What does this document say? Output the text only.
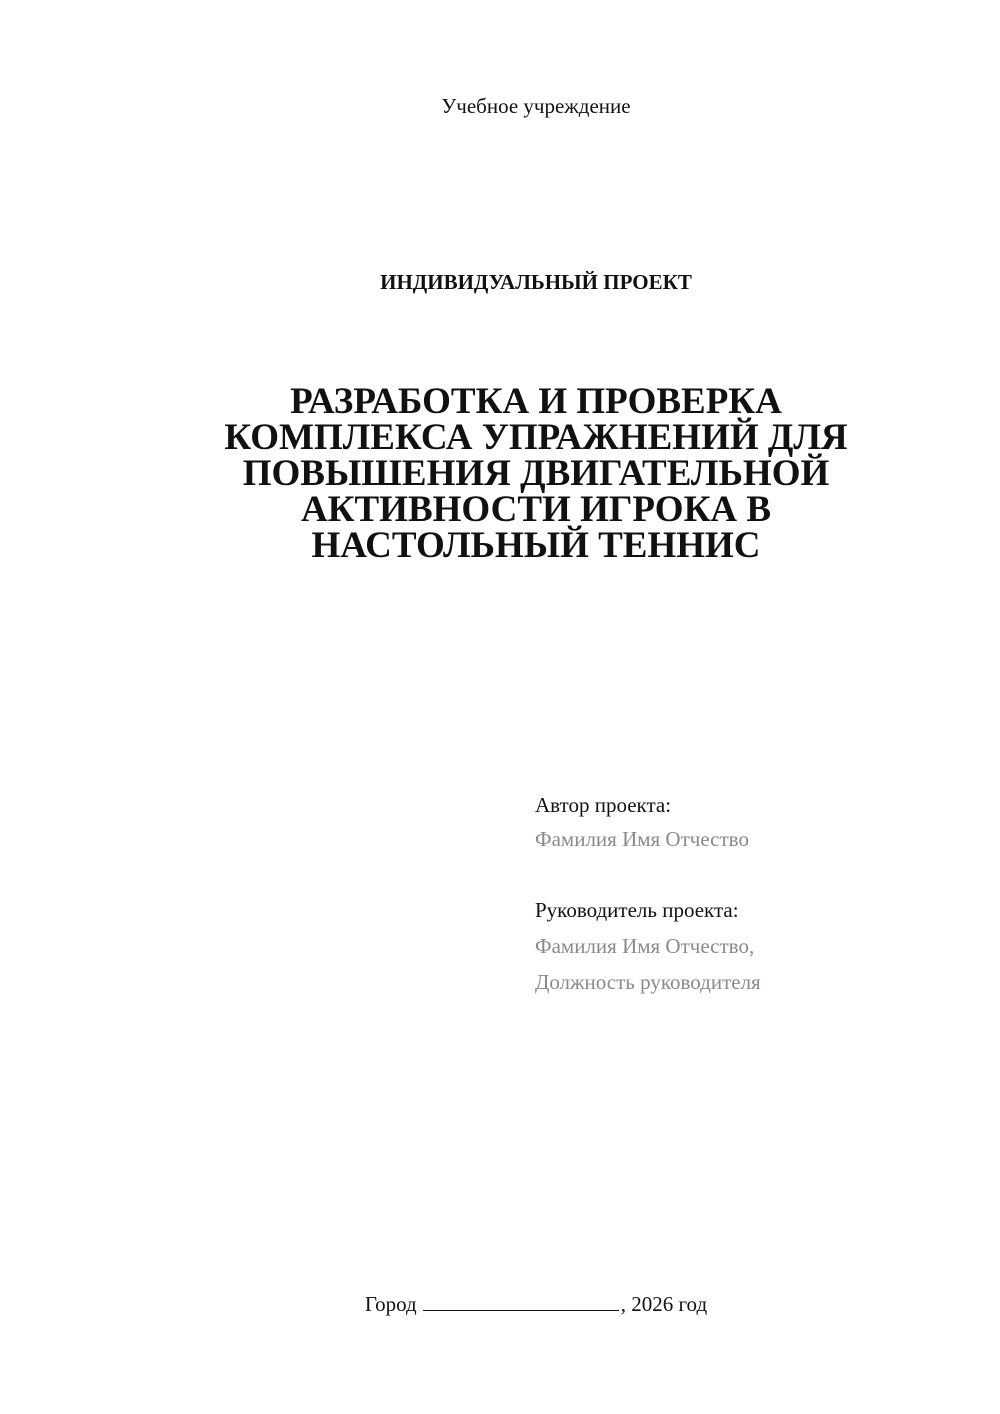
Учебное учреждение
ИНДИВИДУАЛЬНЫЙ ПРОЕКТ
РАЗРАБОТКА И ПРОВЕРКА
КОМПЛЕКСА УПРАЖНЕНИЙ ДЛЯ
ПОВЫШЕНИЯ ДВИГАТЕЛЬНОЙ
АКТИВНОСТИ ИГРОКА В
НАСТОЛЬНЫЙ ТЕННИС
Автор проекта:
Фамилия Имя Отчество
Руководитель проекта:
Фамилия Имя Отчество,
Должность руководителя
Город	, 2026 год
